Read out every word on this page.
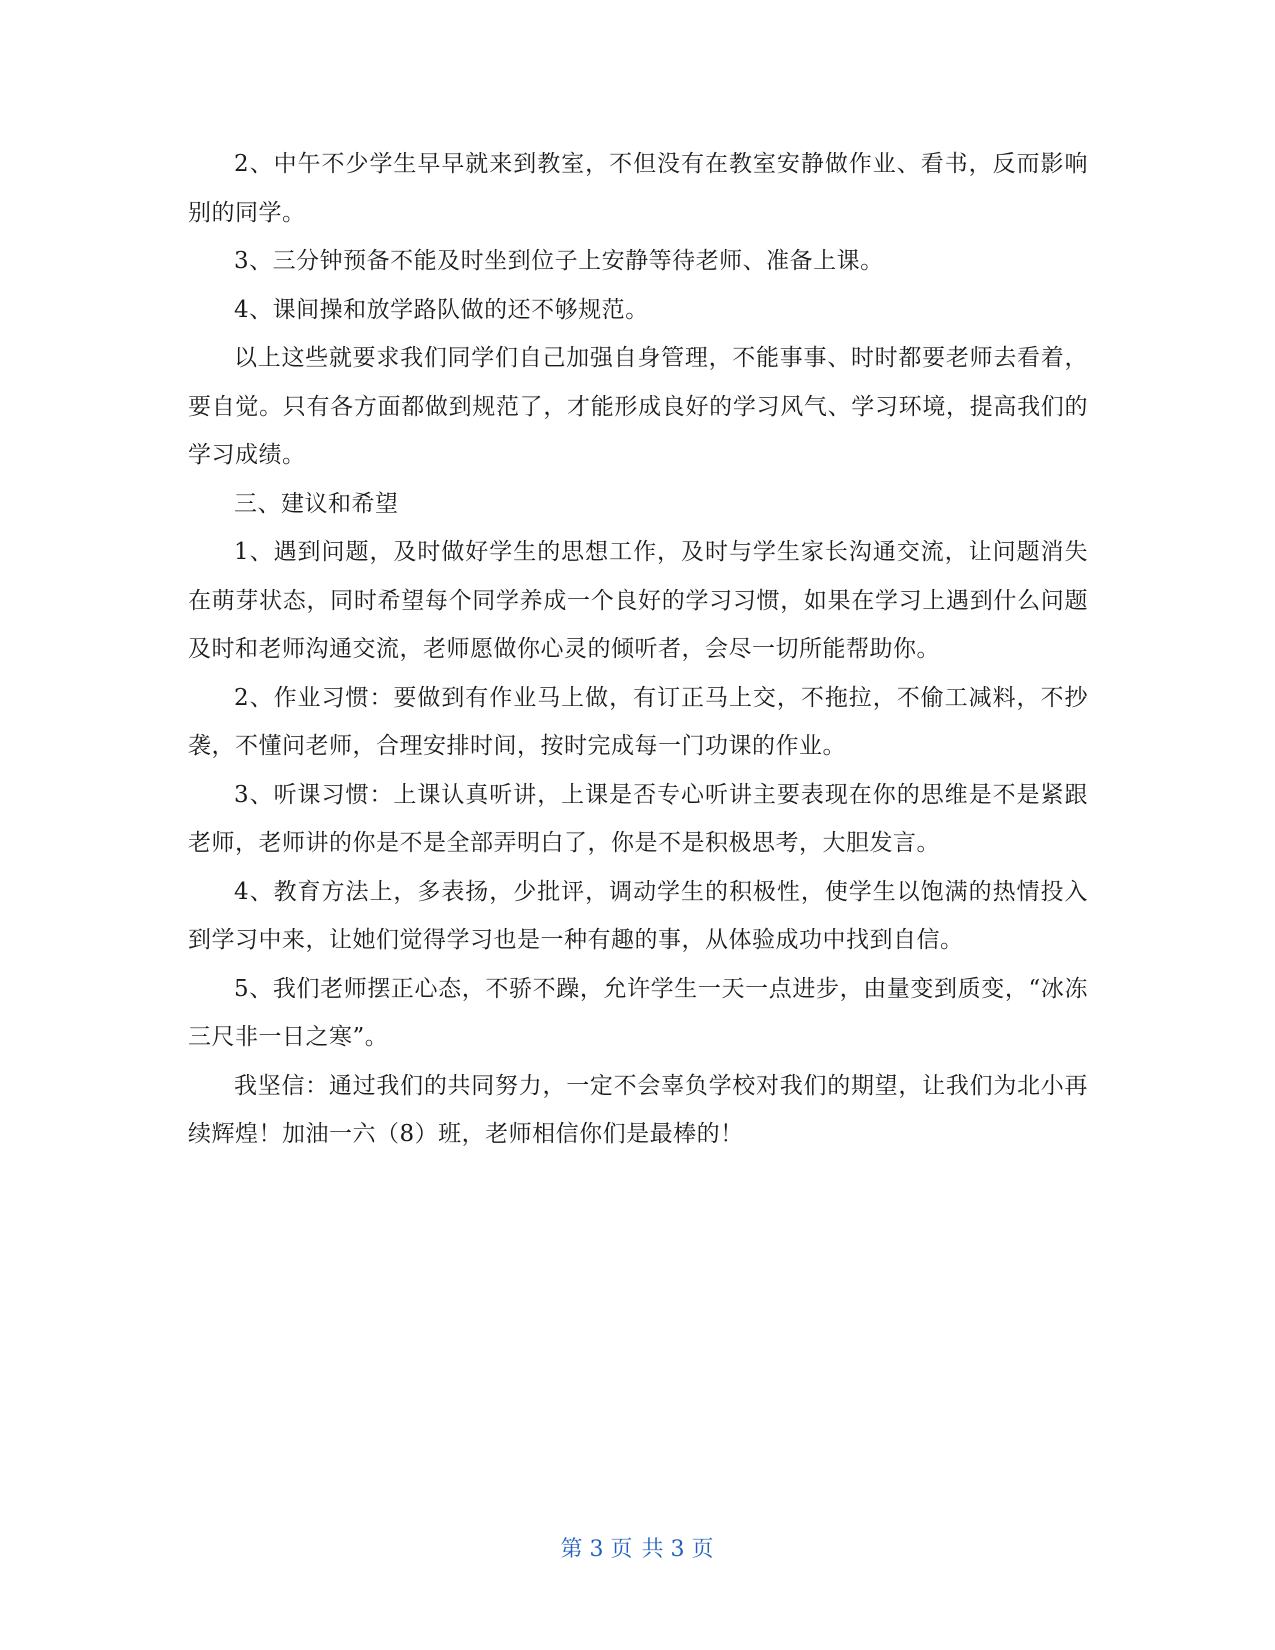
2、中午不少学生早早就来到教室，不但没有在教室安静做作业、看书，反而影响别的同学。

3、三分钟预备不能及时坐到位子上安静等待老师、准备上课。

4、课间操和放学路队做的还不够规范。

以上这些就要求我们同学们自己加强自身管理，不能事事、时时都要老师去看着，要自觉。只有各方面都做到规范了，才能形成良好的学习风气、学习环境，提高我们的学习成绩。

三、建议和希望

1、遇到问题，及时做好学生的思想工作，及时与学生家长沟通交流，让问题消失在萌芽状态，同时希望每个同学养成一个良好的学习习惯，如果在学习上遇到什么问题及时和老师沟通交流，老师愿做你心灵的倾听者，会尽一切所能帮助你。

2、作业习惯：要做到有作业马上做，有订正马上交，不拖拉，不偷工减料，不抄袭，不懂问老师，合理安排时间，按时完成每一门功课的作业。

3、听课习惯：上课认真听讲，上课是否专心听讲主要表现在你的思维是不是紧跟老师，老师讲的你是不是全部弄明白了，你是不是积极思考，大胆发言。

4、教育方法上，多表扬，少批评，调动学生的积极性，使学生以饱满的热情投入到学习中来，让她们觉得学习也是一种有趣的事，从体验成功中找到自信。

5、我们老师摆正心态，不骄不躁，允许学生一天一点进步，由量变到质变，“冰冻三尺非一日之寒”。

我坚信：通过我们的共同努力，一定不会辜负学校对我们的期望，让我们为北小再续辉煌！加油一六（8）班，老师相信你们是最棒的！

第 3 页 共 3 页
